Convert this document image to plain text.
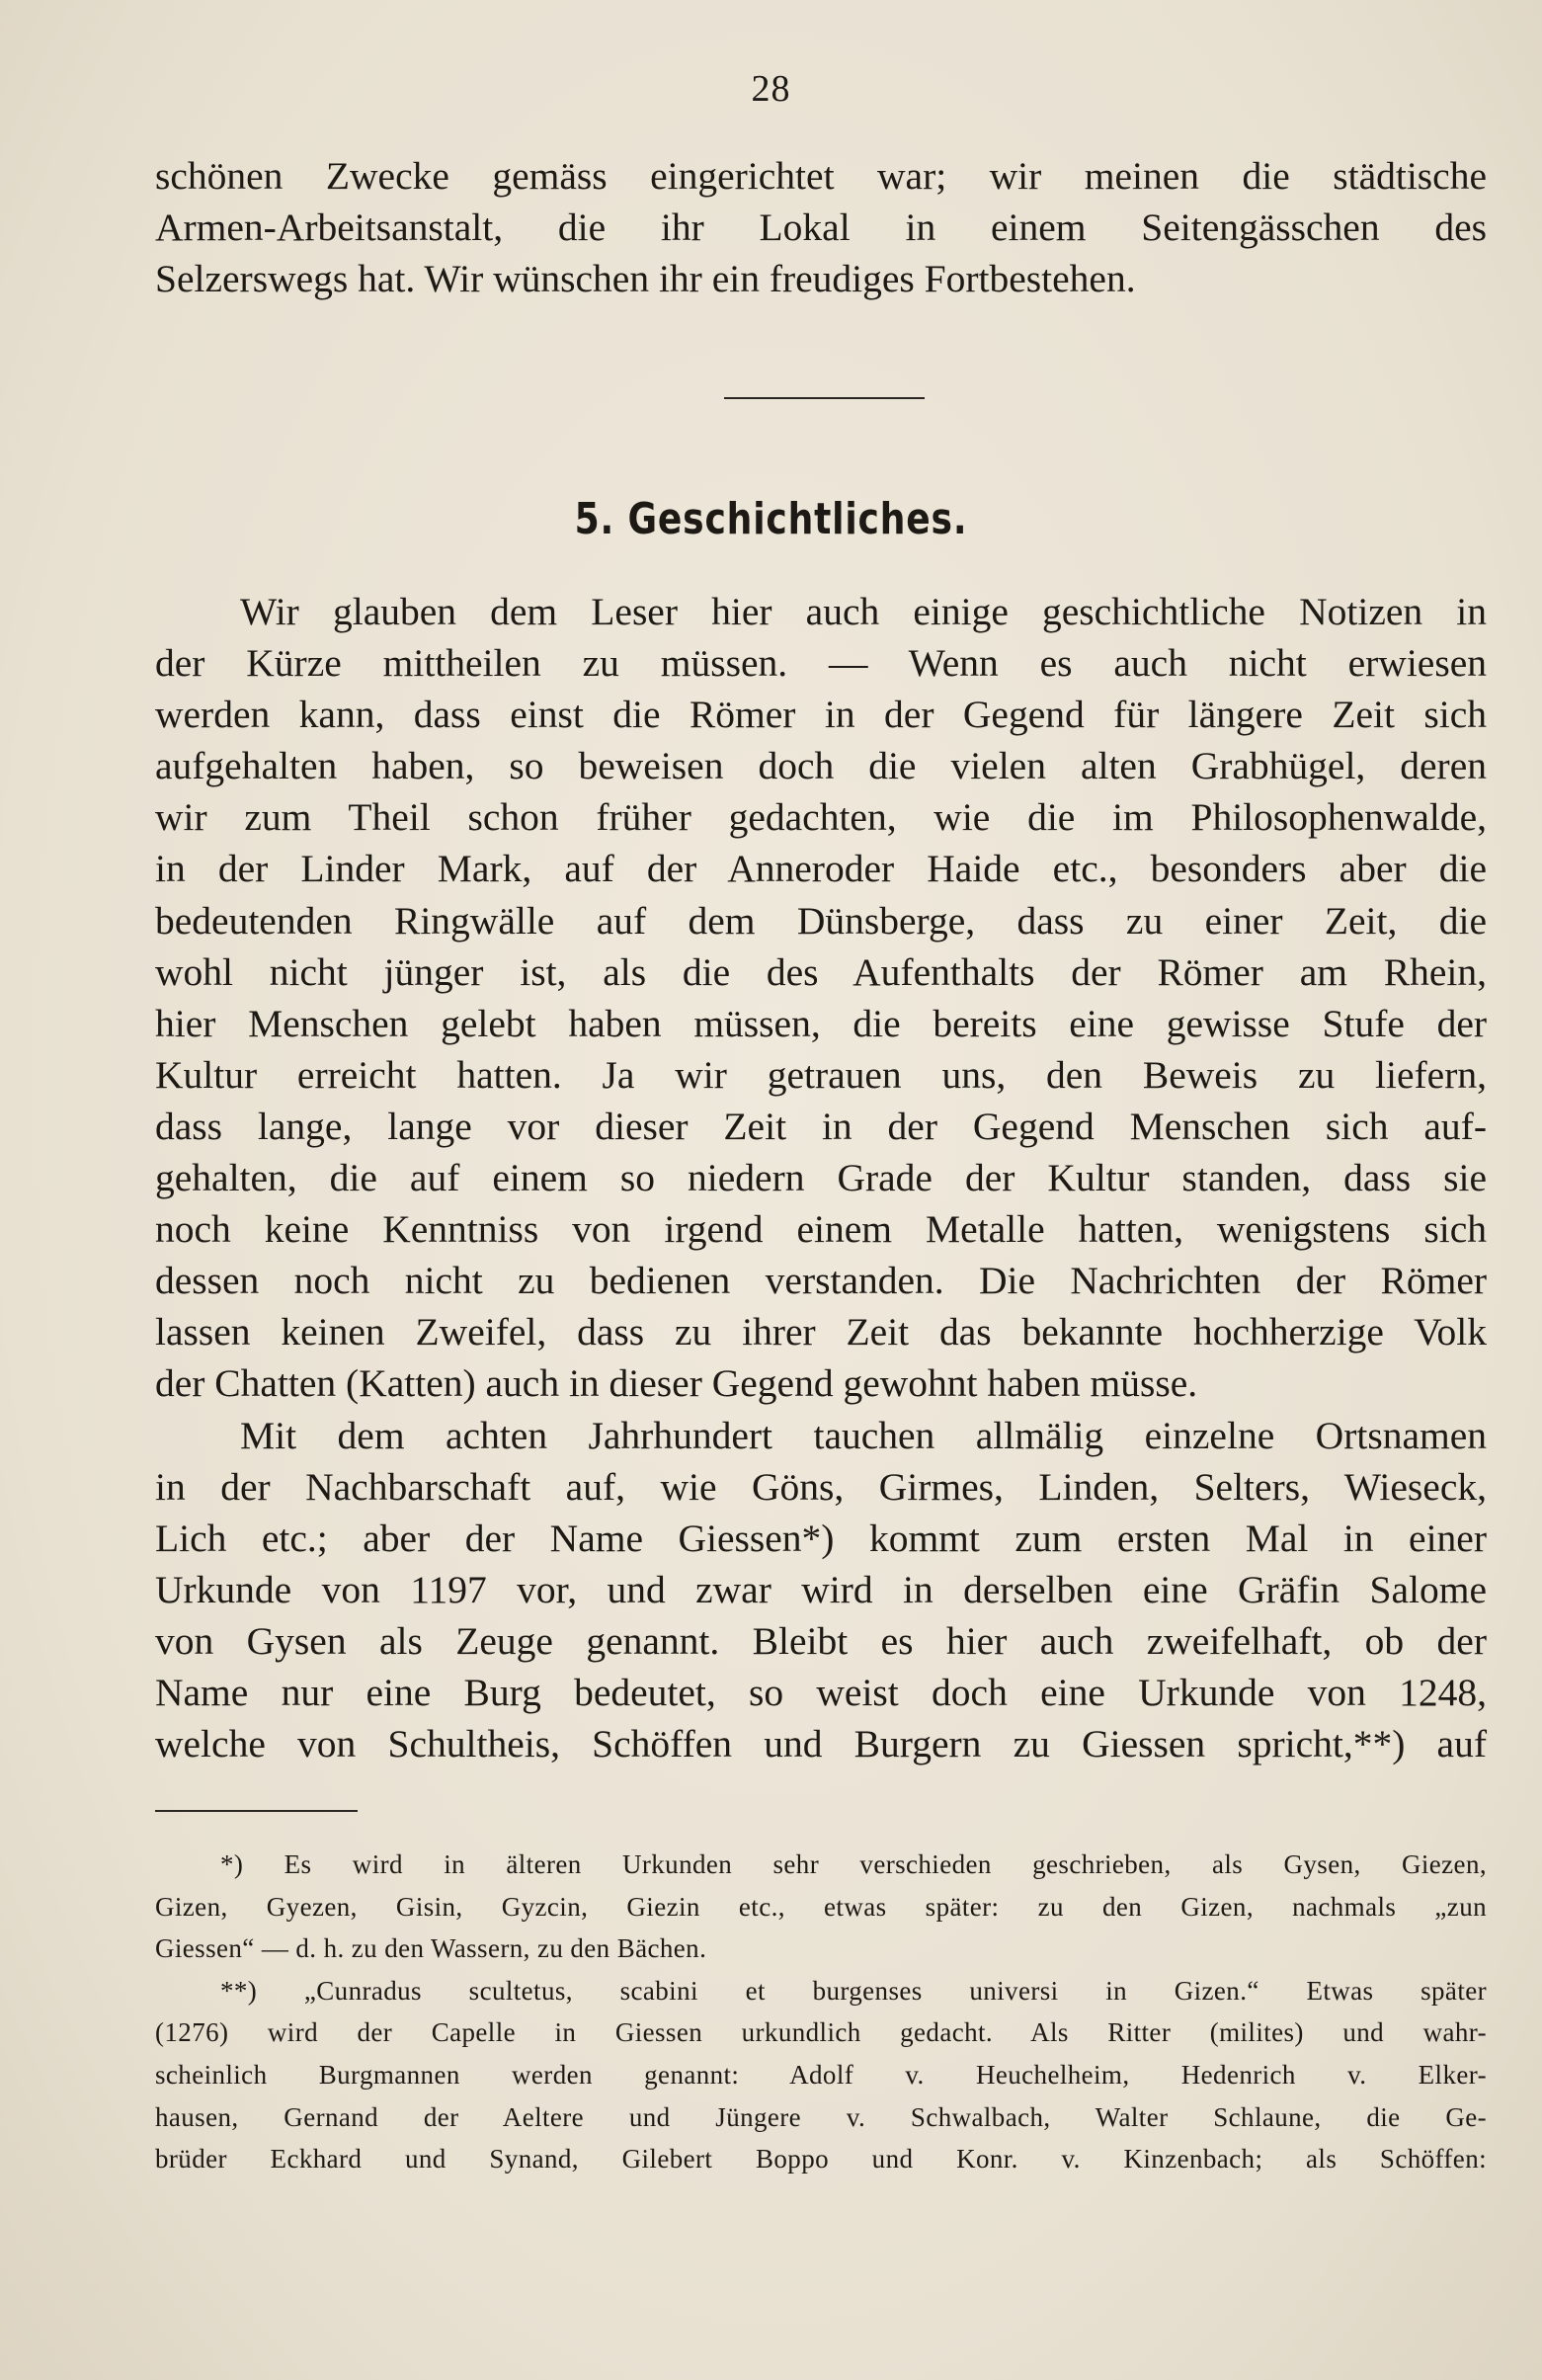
28
schönen Zwecke gemäss eingerichtet war; wir meinen die städtische
Armen-Arbeitsanstalt, die ihr Lokal in einem Seitengässchen des
Selzerswegs hat. Wir wünschen ihr ein freudiges Fortbestehen.
5. Geschichtliches.
Wir glauben dem Leser hier auch einige geschichtliche Notizen in
der Kürze mittheilen zu müssen. — Wenn es auch nicht erwiesen
werden kann, dass einst die Römer in der Gegend für längere Zeit sich
aufgehalten haben, so beweisen doch die vielen alten Grabhügel, deren
wir zum Theil schon früher gedachten, wie die im Philosophenwalde,
in der Linder Mark, auf der Anneroder Haide etc., besonders aber die
bedeutenden Ringwälle auf dem Dünsberge, dass zu einer Zeit, die
wohl nicht jünger ist, als die des Aufenthalts der Römer am Rhein,
hier Menschen gelebt haben müssen, die bereits eine gewisse Stufe der
Kultur erreicht hatten. Ja wir getrauen uns, den Beweis zu liefern,
dass lange, lange vor dieser Zeit in der Gegend Menschen sich auf-
gehalten, die auf einem so niedern Grade der Kultur standen, dass sie
noch keine Kenntniss von irgend einem Metalle hatten, wenigstens sich
dessen noch nicht zu bedienen verstanden. Die Nachrichten der Römer
lassen keinen Zweifel, dass zu ihrer Zeit das bekannte hochherzige Volk
der Chatten (Katten) auch in dieser Gegend gewohnt haben müsse.
Mit dem achten Jahrhundert tauchen allmälig einzelne Ortsnamen
in der Nachbarschaft auf, wie Göns, Girmes, Linden, Selters, Wieseck,
Lich etc.; aber der Name Giessen*) kommt zum ersten Mal in einer
Urkunde von 1197 vor, und zwar wird in derselben eine Gräfin Salome
von Gysen als Zeuge genannt. Bleibt es hier auch zweifelhaft, ob der
Name nur eine Burg bedeutet, so weist doch eine Urkunde von 1248,
welche von Schultheis, Schöffen und Burgern zu Giessen spricht,**) auf
*) Es wird in älteren Urkunden sehr verschieden geschrieben, als Gysen, Giezen,
Gizen, Gyezen, Gisin, Gyzcin, Giezin etc., etwas später: zu den Gizen, nachmals „zun
Giessen“ — d. h. zu den Wassern, zu den Bächen.
**) „Cunradus scultetus, scabini et burgenses universi in Gizen.“ Etwas später
(1276) wird der Capelle in Giessen urkundlich gedacht. Als Ritter (milites) und wahr-
scheinlich Burgmannen werden genannt: Adolf v. Heuchelheim, Hedenrich v. Elker-
hausen, Gernand der Aeltere und Jüngere v. Schwalbach, Walter Schlaune, die Ge-
brüder Eckhard und Synand, Gilebert Boppo und Konr. v. Kinzenbach; als Schöffen:
